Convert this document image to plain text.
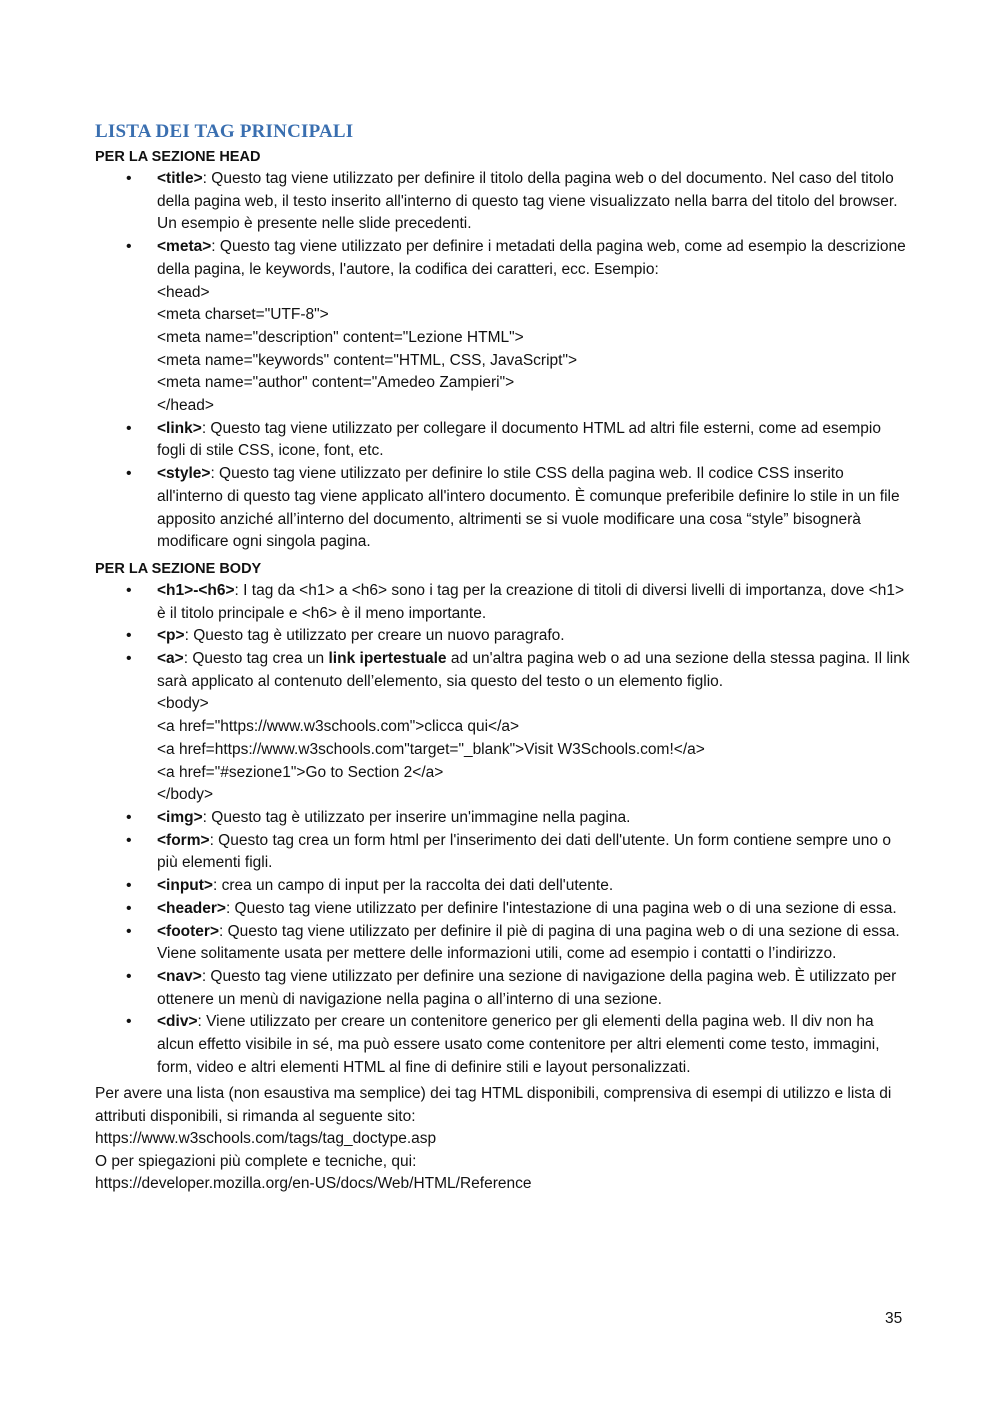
LISTA DEI TAG PRINCIPALI
PER LA SEZIONE HEAD
• <title>: Questo tag viene utilizzato per definire il titolo della pagina web o del documento. Nel caso del titolo della pagina web, il testo inserito all'interno di questo tag viene visualizzato nella barra del titolo del browser. Un esempio è presente nelle slide precedenti.
• <meta>: Questo tag viene utilizzato per definire i metadati della pagina web, come ad esempio la descrizione della pagina, le keywords, l'autore, la codifica dei caratteri, ecc. Esempio:
<head>
<meta charset="UTF-8">
<meta name="description" content="Lezione HTML">
<meta name="keywords" content="HTML, CSS, JavaScript">
<meta name="author" content="Amedeo Zampieri">
</head>
• <link>: Questo tag viene utilizzato per collegare il documento HTML ad altri file esterni, come ad esempio fogli di stile CSS, icone, font, etc.
• <style>: Questo tag viene utilizzato per definire lo stile CSS della pagina web. Il codice CSS inserito all'interno di questo tag viene applicato all'intero documento. È comunque preferibile definire lo stile in un file apposito anziché all’interno del documento, altrimenti se si vuole modificare una cosa “style” bisognerà modificare ogni singola pagina.
PER LA SEZIONE BODY
• <h1>-<h6>: I tag da <h1> a <h6> sono i tag per la creazione di titoli di diversi livelli di importanza, dove <h1> è il titolo principale e <h6> è il meno importante.
• <p>: Questo tag è utilizzato per creare un nuovo paragrafo.
• <a>: Questo tag crea un link ipertestuale ad un'altra pagina web o ad una sezione della stessa pagina. Il link sarà applicato al contenuto dell’elemento, sia questo del testo o un elemento figlio.
<body>
<a href="https://www.w3schools.com">clicca qui</a>
<a href=https://www.w3schools.com"target="_blank">Visit W3Schools.com!</a>
<a href="#sezione1">Go to Section 2</a>
</body>
• <img>: Questo tag è utilizzato per inserire un'immagine nella pagina.
• <form>: Questo tag crea un form html per l'inserimento dei dati dell'utente. Un form contiene sempre uno o più elementi figli.
• <input>: crea un campo di input per la raccolta dei dati dell'utente.
• <header>: Questo tag viene utilizzato per definire l'intestazione di una pagina web o di una sezione di essa.
• <footer>: Questo tag viene utilizzato per definire il piè di pagina di una pagina web o di una sezione di essa. Viene solitamente usata per mettere delle informazioni utili, come ad esempio i contatti o l’indirizzo.
• <nav>: Questo tag viene utilizzato per definire una sezione di navigazione della pagina web. È utilizzato per ottenere un menù di navigazione nella pagina o all’interno di una sezione.
• <div>: Viene utilizzato per creare un contenitore generico per gli elementi della pagina web. Il div non ha alcun effetto visibile in sé, ma può essere usato come contenitore per altri elementi come testo, immagini, form, video e altri elementi HTML al fine di definire stili e layout personalizzati.

Per avere una lista (non esaustiva ma semplice) dei tag HTML disponibili, comprensiva di esempi di utilizzo e lista di attributi disponibili, si rimanda al seguente sito:
https://www.w3schools.com/tags/tag_doctype.asp
O per spiegazioni più complete e tecniche, qui:
https://developer.mozilla.org/en-US/docs/Web/HTML/Reference

35
